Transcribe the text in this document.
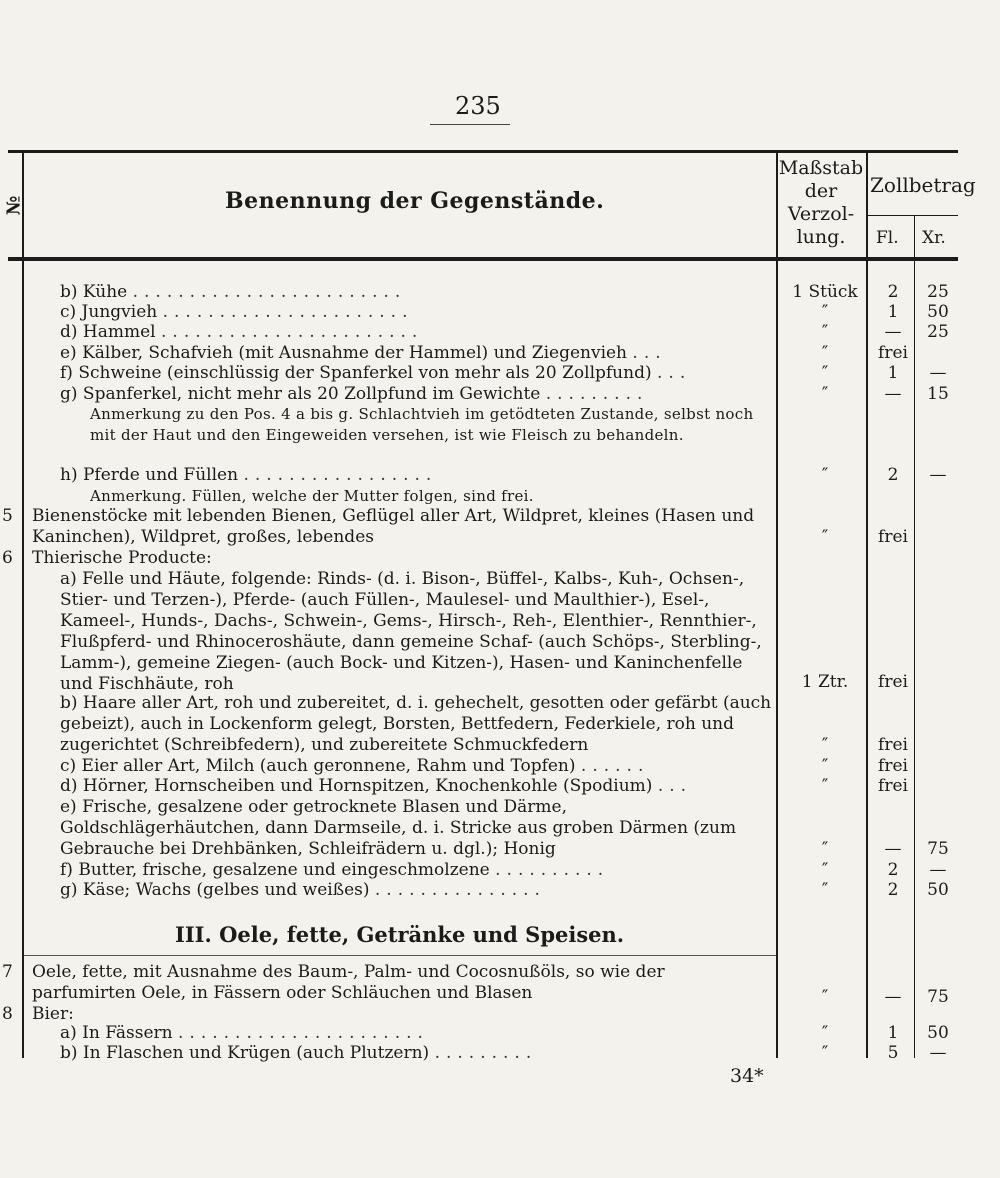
235
№	Benennung der Gegenstände.
Maßstab
der
Verzol-
lung.
Zollbetrag
Fl. Xr.
b) Kühe ........................	1 Stück	2	25
c) Jungvieh ......................	″	1	50
d) Hammel .......................	″	—	25
e) Kälber, Schafvieh (mit Ausnahme der Hammel) und Ziegenvieh ...	″	frei
f) Schweine (einschlüssig der Spanferkel von mehr als 20 Zollpfund) ...	″	1	—
g) Spanferkel, nicht mehr als 20 Zollpfund im Gewichte .........	″	—	15
Anmerkung zu den Pos. 4 a bis g. Schlachtvieh im getödteten Zustande, selbst noch mit der Haut und den Eingeweiden versehen, ist wie Fleisch zu behandeln.
h) Pferde und Füllen .................	″	2	—
Anmerkung. Füllen, welche der Mutter folgen, sind frei.
5 Bienenstöcke mit lebenden Bienen, Geflügel aller Art, Wildpret, kleines (Hasen und Kaninchen), Wildpret, großes, lebendes	″	frei
6 Thierische Producte:
a) Felle und Häute, folgende: Rinds- (d. i. Bison-, Büffel-, Kalbs-, Kuh-, Ochsen-, Stier- und Terzen-), Pferde- (auch Füllen-, Maulesel- und Maulthier-), Esel-, Kameel-, Hunds-, Dachs-, Schwein-, Gems-, Hirsch-, Reh-, Elenthier-, Rennthier-, Flußpferd- und Rhinoceroshäute, dann gemeine Schaf- (auch Schöps-, Sterbling-, Lamm-), gemeine Ziegen- (auch Bock- und Kitzen-), Hasen- und Kaninchenfelle und Fischhäute, roh	1 Ztr.	frei
b) Haare aller Art, roh und zubereitet, d. i. gehechelt, gesotten oder gefärbt (auch gebeizt), auch in Lockenform gelegt, Borsten, Bettfedern, Federkiele, roh und zugerichtet (Schreibfedern), und zubereitete Schmuckfedern	″	frei
c) Eier aller Art, Milch (auch geronnene, Rahm und Topfen) ......	″	frei
d) Hörner, Hornscheiben und Hornspitzen, Knochenkohle (Spodium) ...	″	frei
e) Frische, gesalzene oder getrocknete Blasen und Därme, Goldschlägerhäutchen, dann Darmseile, d. i. Stricke aus groben Därmen (zum Gebrauche bei Drehbänken, Schleifrädern u. dgl.); Honig	″	—	75
f) Butter, frische, gesalzene und eingeschmolzene ..........	″	2	—
g) Käse; Wachs (gelbes und weißes) ...............	″	2	50
III. Oele, fette, Getränke und Speisen.
7 Oele, fette, mit Ausnahme des Baum-, Palm- und Cocosnußöls, so wie der parfumirten Oele, in Fässern oder Schläuchen und Blasen	″	—	75
8 Bier:
a) In Fässern ......................	″	1	50
b) In Flaschen und Krügen (auch Plutzern) .........	″	5	—
34*
